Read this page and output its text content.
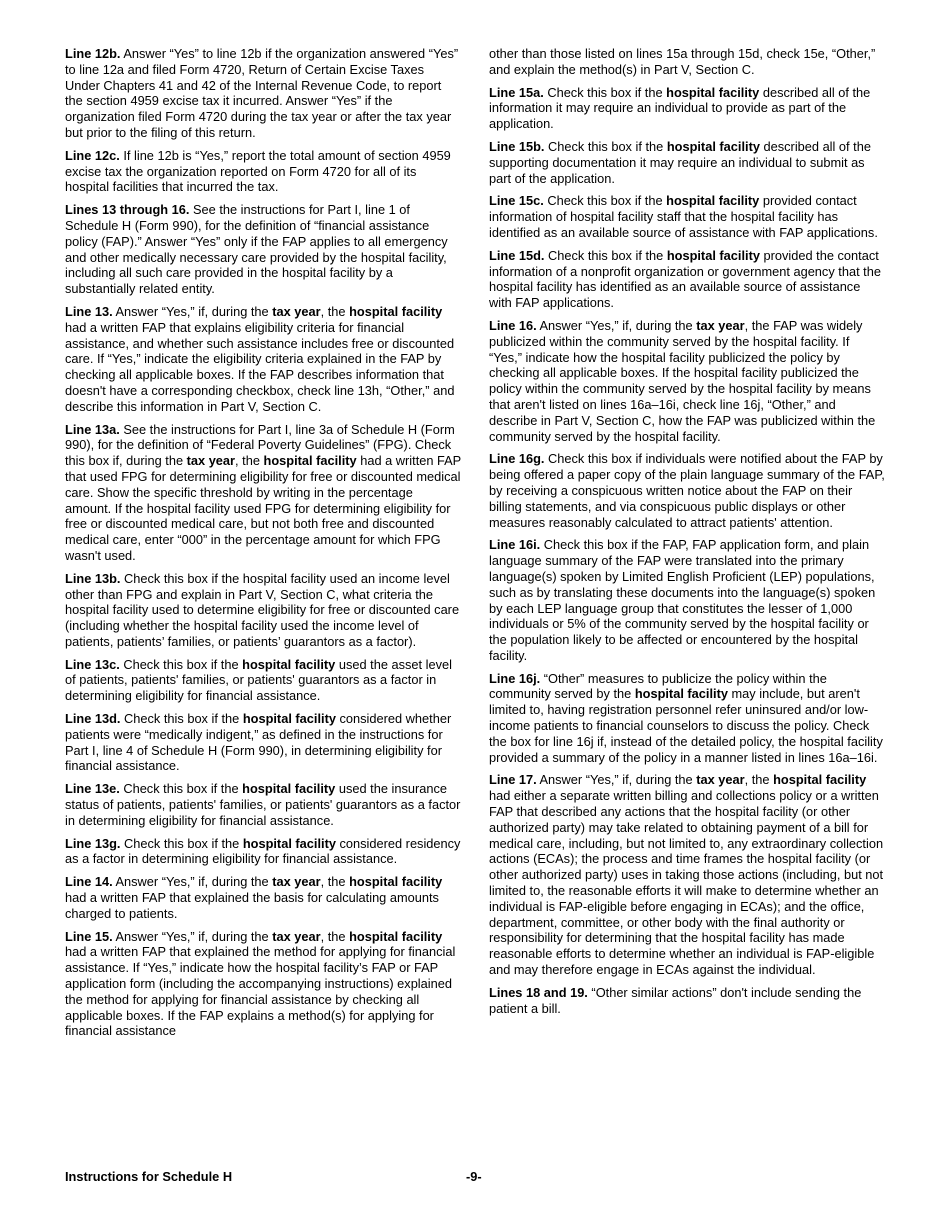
Line 12b. Answer “Yes” to line 12b if the organization answered “Yes” to line 12a and filed Form 4720, Return of Certain Excise Taxes Under Chapters 41 and 42 of the Internal Revenue Code, to report the section 4959 excise tax it incurred. Answer “Yes” if the organization filed Form 4720 during the tax year or after the tax year but prior to the filing of this return.

Line 12c. If line 12b is “Yes,” report the total amount of section 4959 excise tax the organization reported on Form 4720 for all of its hospital facilities that incurred the tax.

Lines 13 through 16. See the instructions for Part I, line 1 of Schedule H (Form 990), for the definition of “financial assistance policy (FAP).” Answer “Yes” only if the FAP applies to all emergency and other medically necessary care provided by the hospital facility, including all such care provided in the hospital facility by a substantially related entity.

Line 13. Answer “Yes,” if, during the tax year, the hospital facility had a written FAP that explains eligibility criteria for financial assistance, and whether such assistance includes free or discounted care. If “Yes,” indicate the eligibility criteria explained in the FAP by checking all applicable boxes. If the FAP describes information that doesn't have a corresponding checkbox, check line 13h, “Other,” and describe this information in Part V, Section C.

Line 13a. See the instructions for Part I, line 3a of Schedule H (Form 990), for the definition of “Federal Poverty Guidelines” (FPG). Check this box if, during the tax year, the hospital facility had a written FAP that used FPG for determining eligibility for free or discounted medical care. Show the specific threshold by writing in the percentage amount. If the hospital facility used FPG for determining eligibility for free or discounted medical care, but not both free and discounted medical care, enter “000” in the percentage amount for which FPG wasn't used.

Line 13b. Check this box if the hospital facility used an income level other than FPG and explain in Part V, Section C, what criteria the hospital facility used to determine eligibility for free or discounted care (including whether the hospital facility used the income level of patients, patients’ families, or patients’ guarantors as a factor).

Line 13c. Check this box if the hospital facility used the asset level of patients, patients' families, or patients' guarantors as a factor in determining eligibility for financial assistance.

Line 13d. Check this box if the hospital facility considered whether patients were “medically indigent,” as defined in the instructions for Part I, line 4 of Schedule H (Form 990), in determining eligibility for financial assistance.

Line 13e. Check this box if the hospital facility used the insurance status of patients, patients' families, or patients' guarantors as a factor in determining eligibility for financial assistance.

Line 13g. Check this box if the hospital facility considered residency as a factor in determining eligibility for financial assistance.

Line 14. Answer “Yes,” if, during the tax year, the hospital facility had a written FAP that explained the basis for calculating amounts charged to patients.

Line 15. Answer “Yes,” if, during the tax year, the hospital facility had a written FAP that explained the method for applying for financial assistance. If “Yes,” indicate how the hospital facility’s FAP or FAP application form (including the accompanying instructions) explained the method for applying for financial assistance by checking all applicable boxes. If the FAP explains a method(s) for applying for financial assistance

other than those listed on lines 15a through 15d, check 15e, “Other,” and explain the method(s) in Part V, Section C.

Line 15a. Check this box if the hospital facility described all of the information it may require an individual to provide as part of the application.

Line 15b. Check this box if the hospital facility described all of the supporting documentation it may require an individual to submit as part of the application.

Line 15c. Check this box if the hospital facility provided contact information of hospital facility staff that the hospital facility has identified as an available source of assistance with FAP applications.

Line 15d. Check this box if the hospital facility provided the contact information of a nonprofit organization or government agency that the hospital facility has identified as an available source of assistance with FAP applications.

Line 16. Answer “Yes,” if, during the tax year, the FAP was widely publicized within the community served by the hospital facility. If “Yes,” indicate how the hospital facility publicized the policy by checking all applicable boxes. If the hospital facility publicized the policy within the community served by the hospital facility by means that aren't listed on lines 16a–16i, check line 16j, “Other,” and describe in Part V, Section C, how the FAP was publicized within the community served by the hospital facility.

Line 16g. Check this box if individuals were notified about the FAP by being offered a paper copy of the plain language summary of the FAP, by receiving a conspicuous written notice about the FAP on their billing statements, and via conspicuous public displays or other measures reasonably calculated to attract patients' attention.

Line 16i. Check this box if the FAP, FAP application form, and plain language summary of the FAP were translated into the primary language(s) spoken by Limited English Proficient (LEP) populations, such as by translating these documents into the language(s) spoken by each LEP language group that constitutes the lesser of 1,000 individuals or 5% of the community served by the hospital facility or the population likely to be affected or encountered by the hospital facility.

Line 16j. “Other” measures to publicize the policy within the community served by the hospital facility may include, but aren't limited to, having registration personnel refer uninsured and/or low-income patients to financial counselors to discuss the policy. Check the box for line 16j if, instead of the detailed policy, the hospital facility provided a summary of the policy in a manner listed in lines 16a–16i.

Line 17. Answer “Yes,” if, during the tax year, the hospital facility had either a separate written billing and collections policy or a written FAP that described any actions that the hospital facility (or other authorized party) may take related to obtaining payment of a bill for medical care, including, but not limited to, any extraordinary collection actions (ECAs); the process and time frames the hospital facility (or other authorized party) uses in taking those actions (including, but not limited to, the reasonable efforts it will make to determine whether an individual is FAP-eligible before engaging in ECAs); and the office, department, committee, or other body with the final authority or responsibility for determining that the hospital facility has made reasonable efforts to determine whether an individual is FAP-eligible and may therefore engage in ECAs against the individual.

Lines 18 and 19. “Other similar actions” don't include sending the patient a bill.

Instructions for Schedule H	-9-
